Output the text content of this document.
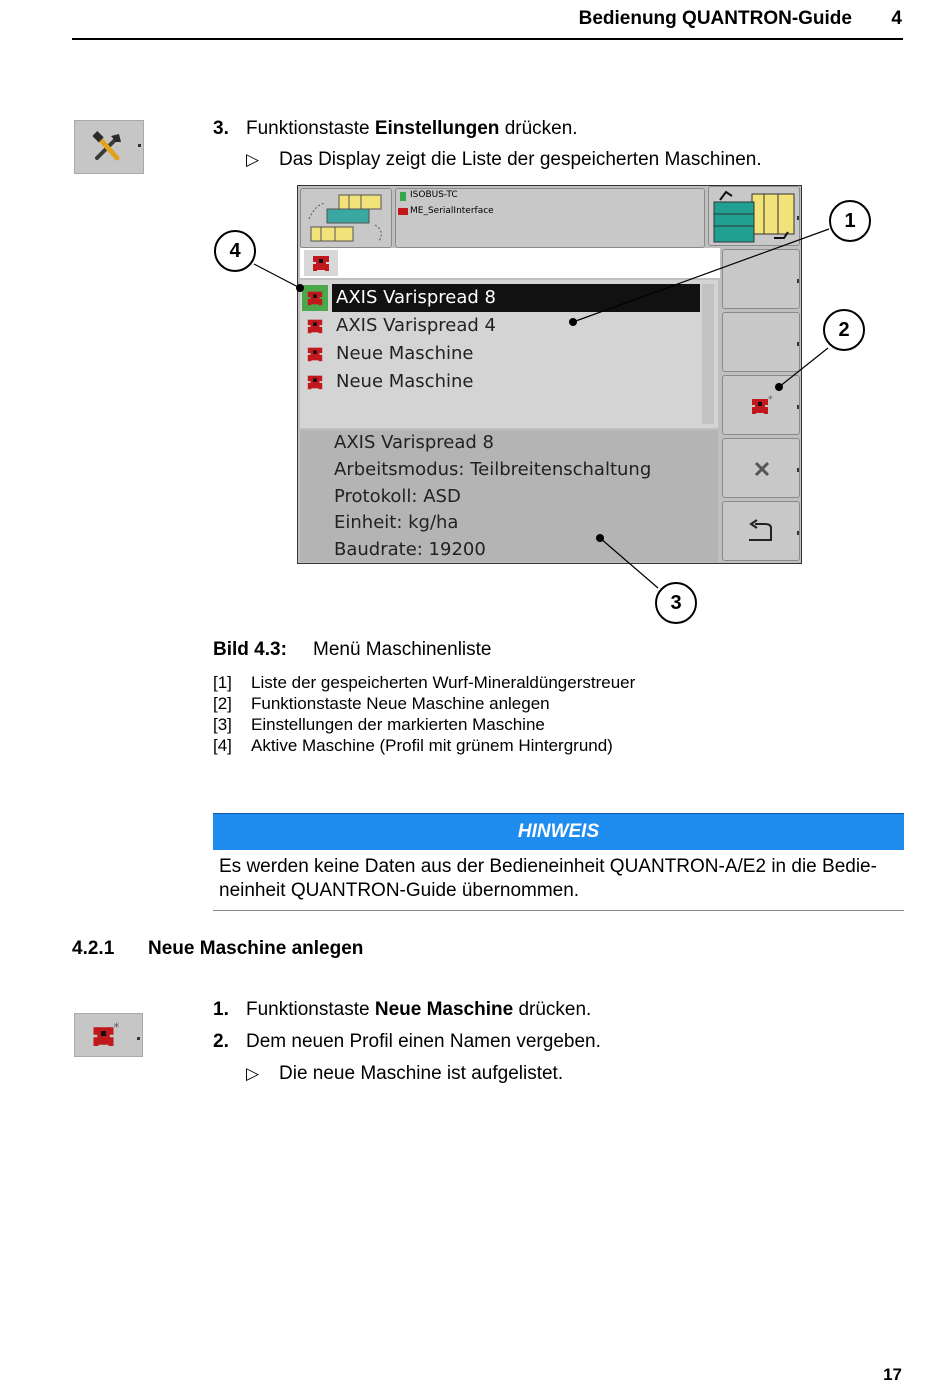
Bedienung QUANTRON-Guide 4
3. Funktionstaste Einstellungen drücken.
▷ Das Display zeigt die Liste der gespeicherten Maschinen.
ISOBUS-TC
ME_SerialInterface
AXIS Varispread 8
AXIS Varispread 4
Neue Maschine
Neue Maschine
AXIS Varispread 8
Arbeitsmodus: Teilbreitenschaltung
Protokoll: ASD
Einheit: kg/ha
Baudrate: 19200
*
1
2
3
4
Bild 4.3: Menü Maschinenliste
[1] Liste der gespeicherten Wurf-Mineraldüngerstreuer
[2] Funktionstaste Neue Maschine anlegen
[3] Einstellungen der markierten Maschine
[4] Aktive Maschine (Profil mit grünem Hintergrund)
HINWEIS
Es werden keine Daten aus der Bedieneinheit QUANTRON-A/E2 in die Bedie-
neinheit QUANTRON-Guide übernommen.
4.2.1 Neue Maschine anlegen
*
1. Funktionstaste Neue Maschine drücken.
2. Dem neuen Profil einen Namen vergeben.
▷ Die neue Maschine ist aufgelistet.
17
